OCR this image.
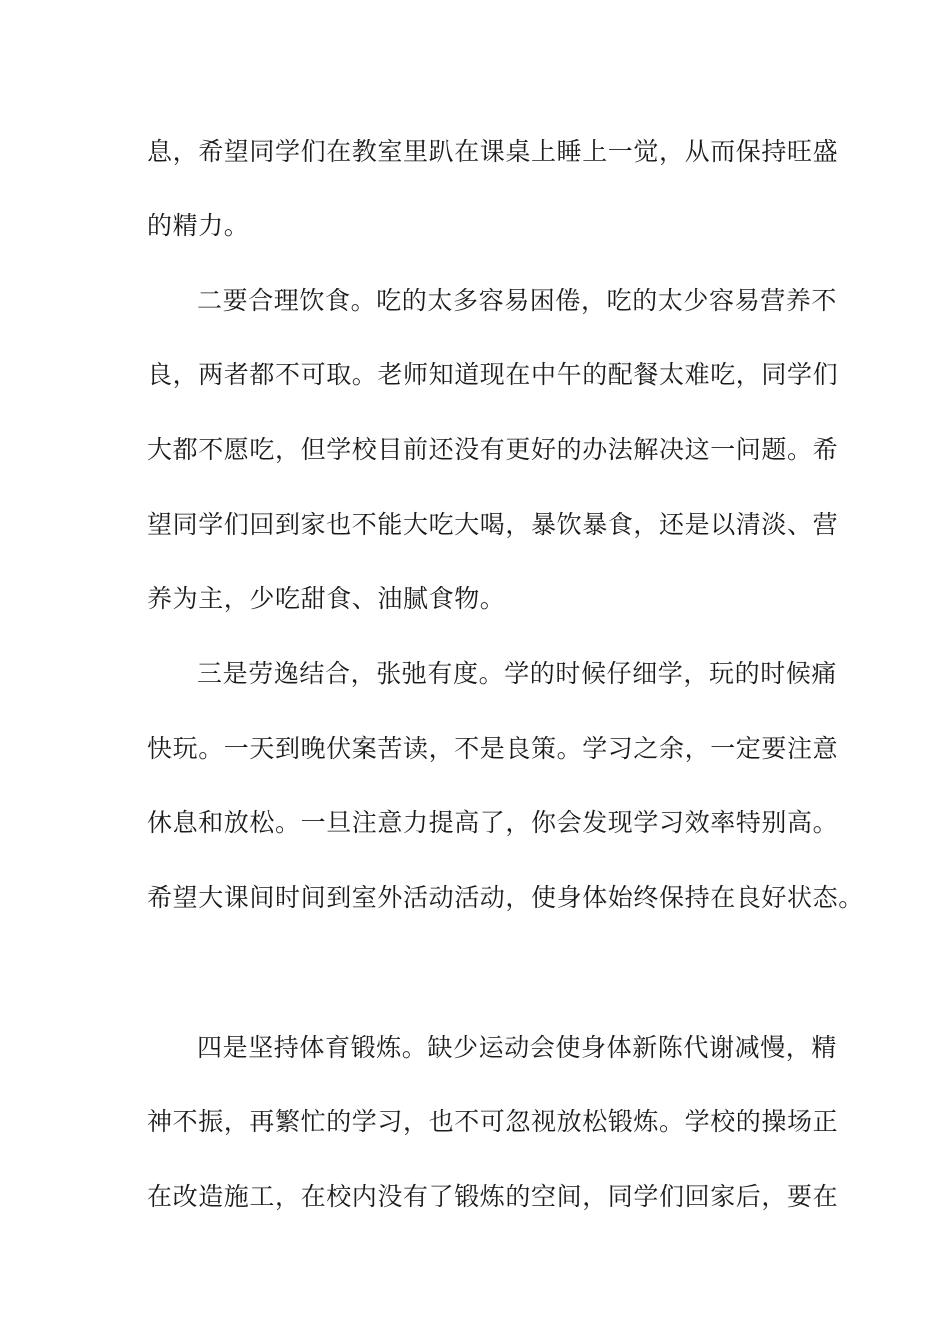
息，希望同学们在教室里趴在课桌上睡上一觉，从而保持旺盛

的精力。

二要合理饮食。吃的太多容易困倦，吃的太少容易营养不

良，两者都不可取。老师知道现在中午的配餐太难吃，同学们

大都不愿吃，但学校目前还没有更好的办法解决这一问题。希

望同学们回到家也不能大吃大喝，暴饮暴食，还是以清淡、营

养为主，少吃甜食、油腻食物。

三是劳逸结合，张弛有度。学的时候仔细学，玩的时候痛

快玩。一天到晚伏案苦读，不是良策。学习之余，一定要注意

休息和放松。一旦注意力提高了，你会发现学习效率特别高。

希望大课间时间到室外活动活动，使身体始终保持在良好状态。

四是坚持体育锻炼。缺少运动会使身体新陈代谢减慢，精

神不振，再繁忙的学习，也不可忽视放松锻炼。学校的操场正

在改造施工，在校内没有了锻炼的空间，同学们回家后，要在
